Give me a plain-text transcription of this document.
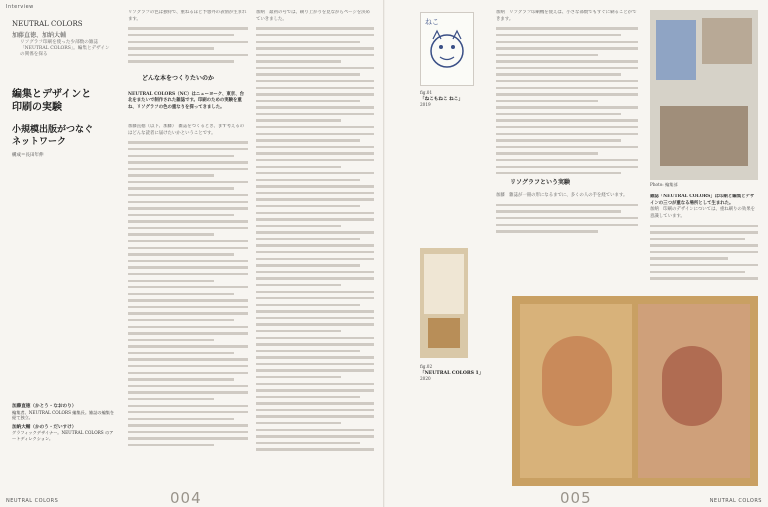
Interview
NEUTRAL COLORS
加藤直徳、加納大輔
リソグラフ印刷を使った少部数の雑誌「NEUTRAL COLORS」。編集とデザインの関係を探る
編集とデザインと
印刷の実験
小規模出版がつなぐ
ネットワーク
構成＝長田年伸
リソグラフの色は独特で、重ねるほど予想外の表情が生まれます。
どんな本をつくりたいのか
NEUTRAL COLORS（NC）はニューヨーク、東京、台北をまたいで制作された雑誌です。印刷のための実験を重ね、リソグラフの色の重なりを探ってきました。
加藤直徳（以下、加藤）　雑誌をつくるとき、まず考えるのはどんな読者に届けたいかということです。
加納　最初の号では、刷り上がりを見ながらページを決めていきました。
加藤直徳（かとう・なおのり）
編集者。NEUTRAL COLORS 編集長。雑誌の編集を経て独立。
加納大輔（かのう・だいすけ）
グラフィックデザイナー。NEUTRAL COLORS のアートディレクション。
NEUTRAL COLORS	004
ねこ
fig.01
「ねこもねこ ねこ」
2019
fig.02
「NEUTRAL COLORS 1」
2020
加納　リソグラフ印刷機を使えば、小さな部数でもすぐに刷ることができます。
リソグラフという実験
加藤　雑誌が一冊の形になるまでに、多くの人の手を経ています。
Photo: 編集部
雑誌「NEUTRAL COLORS」は印刷と編集とデザインの三つが重なる場所として生まれた。
加納　印刷のデザインについては、重ね刷りの効果を意識しています。
005	NEUTRAL COLORS
